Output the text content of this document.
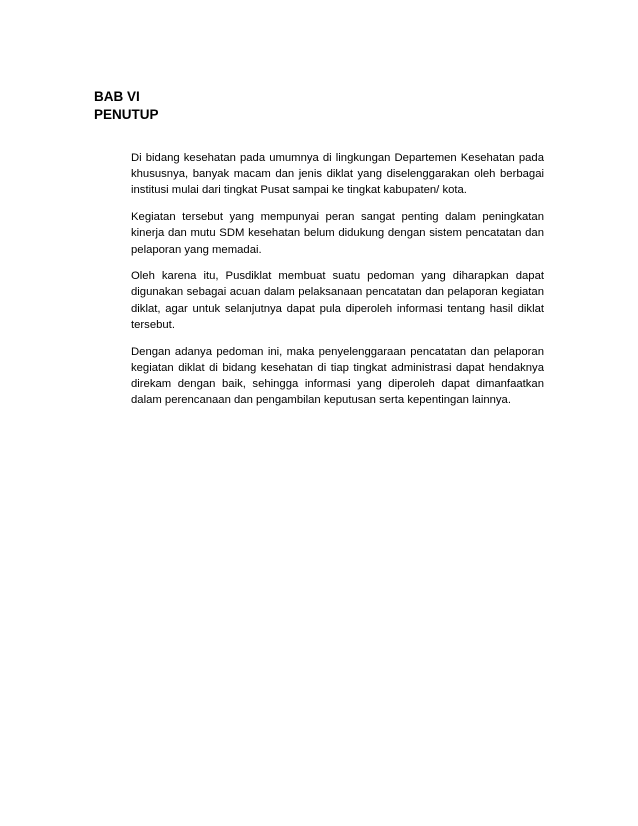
BAB VI
PENUTUP

Di bidang kesehatan pada umumnya di lingkungan Departemen Kesehatan pada khususnya, banyak macam dan jenis diklat yang diselenggarakan oleh berbagai institusi mulai dari tingkat Pusat sampai ke tingkat kabupaten/ kota.

Kegiatan tersebut yang mempunyai peran sangat penting dalam peningkatan kinerja dan mutu SDM kesehatan belum didukung dengan sistem pencatatan dan pelaporan yang memadai.

Oleh karena itu, Pusdiklat membuat suatu pedoman yang diharapkan dapat digunakan sebagai acuan dalam pelaksanaan pencatatan dan pelaporan kegiatan diklat, agar untuk selanjutnya dapat pula diperoleh informasi tentang hasil diklat tersebut.

Dengan adanya pedoman ini, maka penyelenggaraan pencatatan dan pelaporan kegiatan diklat di bidang kesehatan di tiap tingkat administrasi dapat hendaknya direkam dengan baik, sehingga informasi yang diperoleh dapat dimanfaatkan dalam perencanaan dan pengambilan keputusan serta kepentingan lainnya.
